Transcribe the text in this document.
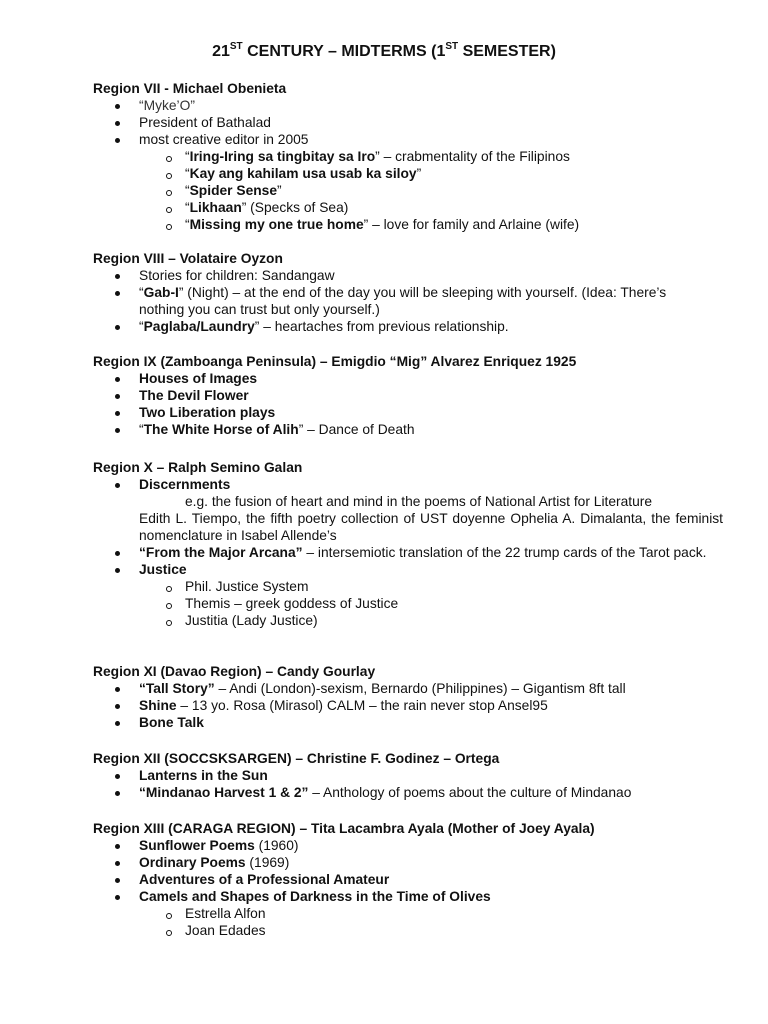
21ST CENTURY – MIDTERMS (1ST SEMESTER)
Region VII - Michael Obenieta
“Myke’O”
President of Bathalad
most creative editor in 2005
“Iring-Iring sa tingbitay sa Iro” – crabmentality of the Filipinos
“Kay ang kahilam usa usab ka siloy”
“Spider Sense”
“Likhaan” (Specks of Sea)
“Missing my one true home” – love for family and Arlaine (wife)
Region VIII – Volataire Oyzon
Stories for children: Sandangaw
“Gab-I” (Night) – at the end of the day you will be sleeping with yourself. (Idea: There’s
nothing you can trust but only yourself.)
“Paglaba/Laundry” – heartaches from previous relationship.
Region IX (Zamboanga Peninsula) – Emigdio “Mig” Alvarez Enriquez 1925
Houses of Images
The Devil Flower
Two Liberation plays
“The White Horse of Alih” – Dance of Death
Region X – Ralph Semino Galan
Discernments
e.g. the fusion of heart and mind in the poems of National Artist for Literature
Edith L. Tiempo, the fifth poetry collection of UST doyenne Ophelia A. Dimalanta, the feminist nomenclature in Isabel Allende’s
“From the Major Arcana” – intersemiotic translation of the 22 trump cards of the Tarot pack.
Justice
Phil. Justice System
Themis – greek goddess of Justice
Justitia (Lady Justice)
Region XI (Davao Region) – Candy Gourlay
“Tall Story” – Andi (London)-sexism, Bernardo (Philippines) – Gigantism 8ft tall
Shine – 13 yo. Rosa (Mirasol) CALM – the rain never stop Ansel95
Bone Talk
Region XII (SOCCSKSARGEN) – Christine F. Godinez – Ortega
Lanterns in the Sun
“Mindanao Harvest 1 & 2” – Anthology of poems about the culture of Mindanao
Region XIII (CARAGA REGION) – Tita Lacambra Ayala (Mother of Joey Ayala)
Sunflower Poems (1960)
Ordinary Poems (1969)
Adventures of a Professional Amateur
Camels and Shapes of Darkness in the Time of Olives
Estrella Alfon
Joan Edades
